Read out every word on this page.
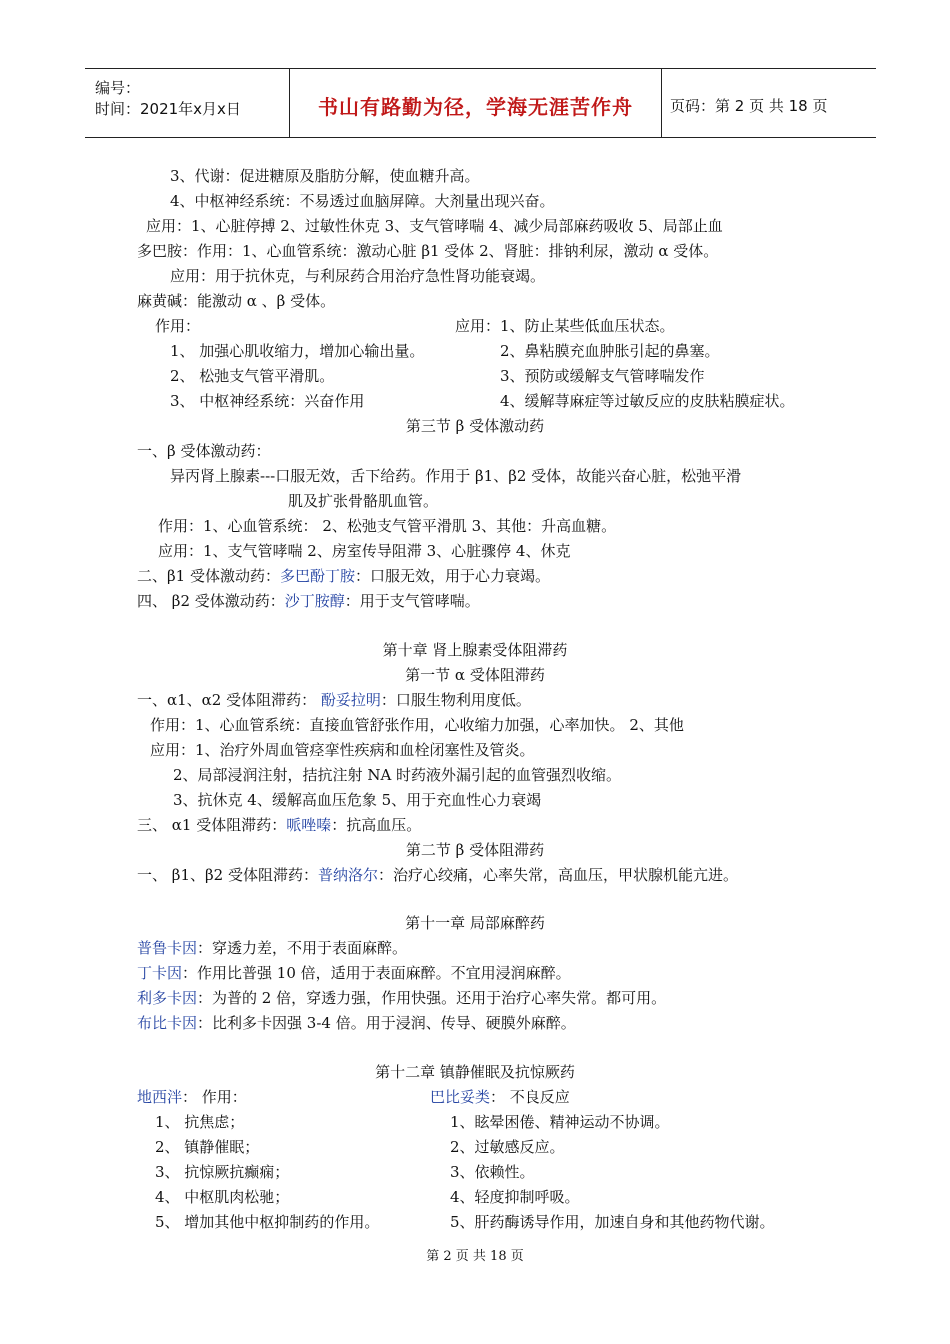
编号：
时间：2021年x月x日	书山有路勤为径，学海无涯苦作舟	页码：第 2 页 共 18 页
3、代谢：促进糖原及脂肪分解，使血糖升高。
4、中枢神经系统：不易透过血脑屏障。大剂量出现兴奋。
应用：1、心脏停搏 2、过敏性休克 3、支气管哮喘 4、减少局部麻药吸收 5、局部止血
多巴胺：作用：1、心血管系统：激动心脏 β1 受体 2、肾脏：排钠利尿，激动 α 受体。
应用：用于抗休克，与利尿药合用治疗急性肾功能衰竭。
麻黄碱：能激动 α 、β 受体。
作用：	应用：1、防止某些低血压状态。
1、 加强心肌收缩力，增加心输出量。	2、鼻粘膜充血肿胀引起的鼻塞。
2、 松弛支气管平滑肌。	3、预防或缓解支气管哮喘发作
3、 中枢神经系统：兴奋作用	4、缓解荨麻症等过敏反应的皮肤粘膜症状。
第三节 β 受体激动药
一、β 受体激动药：
异丙肾上腺素---口服无效，舌下给药。作用于 β1、β2 受体，故能兴奋心脏，松弛平滑
肌及扩张骨骼肌血管。
作用：1、心血管系统： 2、松弛支气管平滑肌 3、其他：升高血糖。
应用：1、支气管哮喘 2、房室传导阻滞 3、心脏骤停 4、休克
二、β1 受体激动药：多巴酚丁胺：口服无效，用于心力衰竭。
四、 β2 受体激动药：沙丁胺醇：用于支气管哮喘。
第十章 肾上腺素受体阻滞药
第一节 α 受体阻滞药
一、α1、α2 受体阻滞药： 酚妥拉明：口服生物利用度低。
作用：1、心血管系统：直接血管舒张作用，心收缩力加强，心率加快。 2、其他
应用：1、治疗外周血管痉挛性疾病和血栓闭塞性及管炎。
2、局部浸润注射，拮抗注射 NA 时药液外漏引起的血管强烈收缩。
3、抗休克 4、缓解高血压危象 5、用于充血性心力衰竭
三、 α1 受体阻滞药：哌唑嗪：抗高血压。
第二节 β 受体阻滞药
一、 β1、β2 受体阻滞药：普纳洛尔：治疗心绞痛，心率失常，高血压，甲状腺机能亢进。
第十一章 局部麻醉药
普鲁卡因：穿透力差，不用于表面麻醉。
丁卡因：作用比普强 10 倍，适用于表面麻醉。不宜用浸润麻醉。
利多卡因：为普的 2 倍，穿透力强，作用快强。还用于治疗心率失常。都可用。
布比卡因：比利多卡因强 3-4 倍。用于浸润、传导、硬膜外麻醉。
第十二章 镇静催眠及抗惊厥药
地西泮： 作用：	巴比妥类： 不良反应
1、 抗焦虑；	1、眩晕困倦、精神运动不协调。
2、 镇静催眠；	2、过敏感反应。
3、 抗惊厥抗癫痫；	3、依赖性。
4、 中枢肌肉松驰；	4、轻度抑制呼吸。
5、 增加其他中枢抑制药的作用。	5、肝药酶诱导作用，加速自身和其他药物代谢。
第 2 页 共 18 页
